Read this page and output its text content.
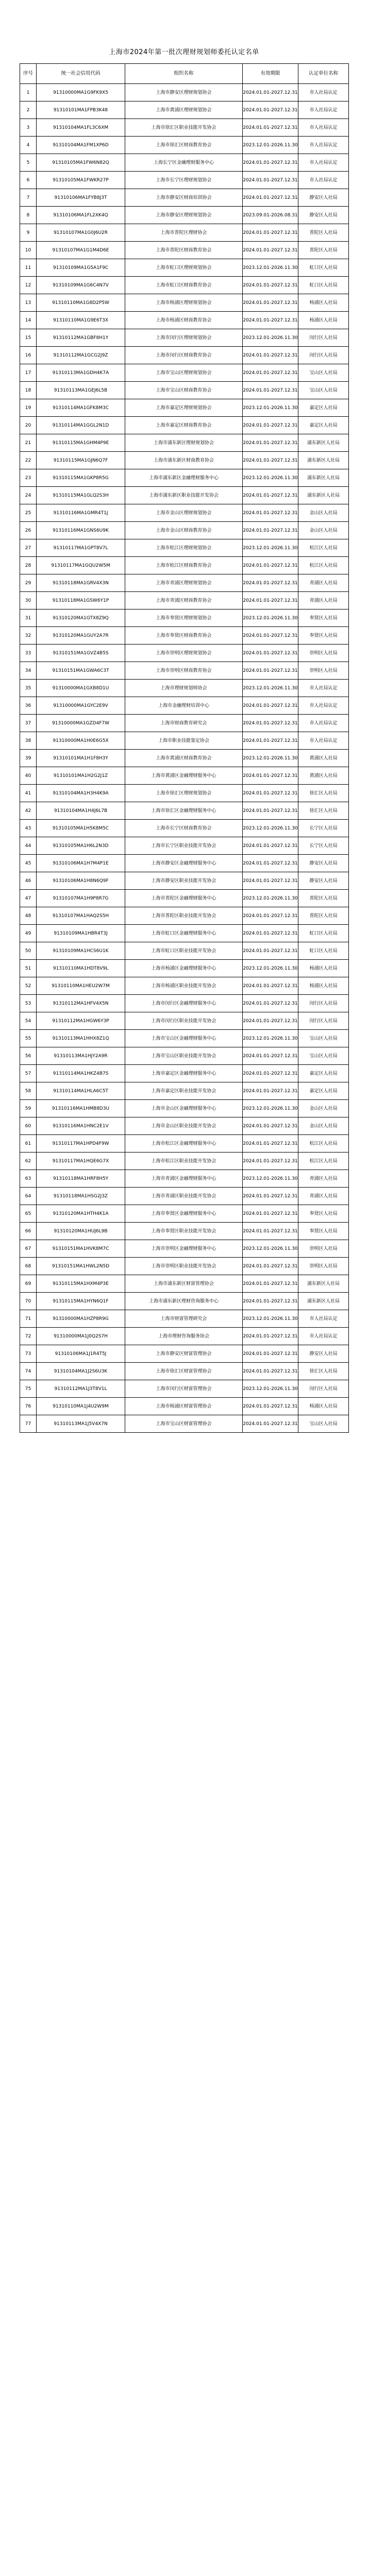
上海市2024年第一批次理财规划师委托认定名单
序号	统一社会信用代码	组织名称	有效期限	认定单位名称
1	91310000MA1G9FK9X5	上海市静安区理财规划协会	2024.01.01-2027.12.31	市人社局认定
2	91310101MA1FPB3K48	上海市黄浦区理财规划协会	2024.01.01-2027.12.31	市人社局认定
3	91310104MA1FL3C6XM	上海市徐汇区职业技能开发协会	2024.01.01-2027.12.31	市人社局认定
4	91310104MA1FM1XP6D	上海市徐汇区财商教育协会	2023.12.01-2026.11.30	市人社局认定
5	91310105MA1FW6N82Q	上海长宁区金融理财服务中心	2024.01.01-2027.12.31	市人社局认定
6	91310105MA1FWKR27P	上海市长宁区理财规划协会	2024.01.01-2027.12.31	市人社局认定
7	91310106MA1FYB8J3T	上海市静安区财商培训协会	2024.01.01-2027.12.31	静安区人社局
8	91310106MA1FL2XK4Q	上海市静安区理财规划协会	2023.09.01-2026.08.31	静安区人社局
9	91310107MA1G0J6U2R	上海市普陀区理财协会	2024.01.01-2027.12.31	普陀区人社局
10	91310107MA1G1M4D6E	上海市普陀区财商教育协会	2024.01.01-2027.12.31	普陀区人社局
11	91310109MA1G5A1F9C	上海市虹口区理财规划协会	2023.12.01-2026.11.30	虹口区人社局
12	91310109MA1G6C4N7V	上海市虹口区财商教育协会	2024.01.01-2027.12.31	虹口区人社局
13	91310110MA1G8D2P5W	上海市杨浦区理财规划协会	2024.01.01-2027.12.31	杨浦区人社局
14	91310110MA1G9E6T3X	上海市杨浦区财商教育协会	2024.01.01-2027.12.31	杨浦区人社局
15	91310112MA1GBF8H1Y	上海市闵行区理财规划协会	2023.12.01-2026.11.30	闵行区人社局
16	91310112MA1GCG2J9Z	上海市闵行区财商教育协会	2024.01.01-2027.12.31	闵行区人社局
17	91310113MA1GDH4K7A	上海市宝山区理财规划协会	2024.01.01-2027.12.31	宝山区人社局
18	91310113MA1GEJ6L5B	上海市宝山区财商教育协会	2024.01.01-2027.12.31	宝山区人社局
19	91310114MA1GFK8M3C	上海市嘉定区理财规划协会	2023.12.01-2026.11.30	嘉定区人社局
20	91310114MA1GGL2N1D	上海市嘉定区财商教育协会	2024.01.01-2027.12.31	嘉定区人社局
21	91310115MA1GHM4P9E	上海市浦东新区理财规划协会	2024.01.01-2027.12.31	浦东新区人社局
22	91310115MA1GJN6Q7F	上海市浦东新区财商教育协会	2024.01.01-2027.12.31	浦东新区人社局
23	91310115MA1GKP8R5G	上海市浦东新区金融理财服务中心	2023.12.01-2026.11.30	浦东新区人社局
24	91310115MA1GLQ2S3H	上海市浦东新区职业技能开发协会	2024.01.01-2027.12.31	浦东新区人社局
25	91310116MA1GMR4T1J	上海市金山区理财规划协会	2024.01.01-2027.12.31	金山区人社局
26	91310116MA1GNS6U9K	上海市金山区财商教育协会	2024.01.01-2027.12.31	金山区人社局
27	91310117MA1GPT8V7L	上海市松江区理财规划协会	2023.12.01-2026.11.30	松江区人社局
28	91310117MA1GQU2W5M	上海市松江区财商教育协会	2024.01.01-2027.12.31	松江区人社局
29	91310118MA1GRV4X3N	上海市青浦区理财规划协会	2024.01.01-2027.12.31	青浦区人社局
30	91310118MA1GSW6Y1P	上海市青浦区财商教育协会	2024.01.01-2027.12.31	青浦区人社局
31	91310120MA1GTX8Z9Q	上海市奉贤区理财规划协会	2023.12.01-2026.11.30	奉贤区人社局
32	91310120MA1GUY2A7R	上海市奉贤区财商教育协会	2024.01.01-2027.12.31	奉贤区人社局
33	91310151MA1GVZ4B5S	上海市崇明区理财规划协会	2024.01.01-2027.12.31	崇明区人社局
34	91310151MA1GWA6C3T	上海市崇明区财商教育协会	2024.01.01-2027.12.31	崇明区人社局
35	91310000MA1GXB8D1U	上海市理财规划师协会	2023.12.01-2026.11.30	市人社局认定
36	91310000MA1GYC2E9V	上海市金融理财培训中心	2024.01.01-2027.12.31	市人社局认定
37	91310000MA1GZD4F7W	上海市财商教育研究会	2024.01.01-2027.12.31	市人社局认定
38	91310000MA1H0E6G5X	上海市职业技能鉴定协会	2024.01.01-2027.12.31	市人社局认定
39	91310101MA1H1F8H3Y	上海市黄浦区财商教育协会	2023.12.01-2026.11.30	黄浦区人社局
40	91310101MA1H2G2J1Z	上海市黄浦区金融理财服务中心	2024.01.01-2027.12.31	黄浦区人社局
41	91310104MA1H3H4K9A	上海市徐汇区理财规划协会	2024.01.01-2027.12.31	徐汇区人社局
42	91310104MA1H4J6L7B	上海市徐汇区金融理财服务中心	2024.01.01-2027.12.31	徐汇区人社局
43	91310105MA1H5K8M5C	上海市长宁区财商教育协会	2023.12.01-2026.11.30	长宁区人社局
44	91310105MA1H6L2N3D	上海市长宁区职业技能开发协会	2024.01.01-2027.12.31	长宁区人社局
45	91310106MA1H7M4P1E	上海市静安区金融理财服务中心	2024.01.01-2027.12.31	静安区人社局
46	91310106MA1H8N6Q9F	上海市静安区职业技能开发协会	2024.01.01-2027.12.31	静安区人社局
47	91310107MA1H9P8R7G	上海市普陀区金融理财服务中心	2023.12.01-2026.11.30	普陀区人社局
48	91310107MA1HAQ2S5H	上海市普陀区职业技能开发协会	2024.01.01-2027.12.31	普陀区人社局
49	91310109MA1HBR4T3J	上海市虹口区金融理财服务中心	2024.01.01-2027.12.31	虹口区人社局
50	91310109MA1HCS6U1K	上海市虹口区职业技能开发协会	2024.01.01-2027.12.31	虹口区人社局
51	91310110MA1HDT8V9L	上海市杨浦区金融理财服务中心	2023.12.01-2026.11.30	杨浦区人社局
52	91310110MA1HEU2W7M	上海市杨浦区职业技能开发协会	2024.01.01-2027.12.31	杨浦区人社局
53	91310112MA1HFV4X5N	上海市闵行区金融理财服务中心	2024.01.01-2027.12.31	闵行区人社局
54	91310112MA1HGW6Y3P	上海市闵行区职业技能开发协会	2024.01.01-2027.12.31	闵行区人社局
55	91310113MA1HHX8Z1Q	上海市宝山区金融理财服务中心	2023.12.01-2026.11.30	宝山区人社局
56	91310113MA1HJY2A9R	上海市宝山区职业技能开发协会	2024.01.01-2027.12.31	宝山区人社局
57	91310114MA1HKZ4B7S	上海市嘉定区金融理财服务中心	2024.01.01-2027.12.31	嘉定区人社局
58	91310114MA1HLA6C5T	上海市嘉定区职业技能开发协会	2024.01.01-2027.12.31	嘉定区人社局
59	91310116MA1HMB8D3U	上海市金山区金融理财服务中心	2023.12.01-2026.11.30	金山区人社局
60	91310116MA1HNC2E1V	上海市金山区职业技能开发协会	2024.01.01-2027.12.31	金山区人社局
61	91310117MA1HPD4F9W	上海市松江区金融理财服务中心	2024.01.01-2027.12.31	松江区人社局
62	91310117MA1HQE6G7X	上海市松江区职业技能开发协会	2024.01.01-2027.12.31	松江区人社局
63	91310118MA1HRF8H5Y	上海市青浦区金融理财服务中心	2023.12.01-2026.11.30	青浦区人社局
64	91310118MA1HSG2J3Z	上海市青浦区职业技能开发协会	2024.01.01-2027.12.31	青浦区人社局
65	91310120MA1HTH4K1A	上海市奉贤区金融理财服务中心	2024.01.01-2027.12.31	奉贤区人社局
66	91310120MA1HUJ6L9B	上海市奉贤区职业技能开发协会	2024.01.01-2027.12.31	奉贤区人社局
67	91310151MA1HVK8M7C	上海市崇明区金融理财服务中心	2023.12.01-2026.11.30	崇明区人社局
68	91310151MA1HWL2N5D	上海市崇明区职业技能开发协会	2024.01.01-2027.12.31	崇明区人社局
69	91310115MA1HXM4P3E	上海市浦东新区财富管理协会	2024.01.01-2027.12.31	浦东新区人社局
70	91310115MA1HYN6Q1F	上海市浦东新区理财咨询服务中心	2024.01.01-2027.12.31	浦东新区人社局
71	91310000MA1HZP8R9G	上海市财富管理研究会	2023.12.01-2026.11.30	市人社局认定
72	91310000MA1J0Q2S7H	上海市理财咨询服务协会	2024.01.01-2027.12.31	市人社局认定
73	91310106MA1J1R4T5J	上海市静安区财富管理协会	2024.01.01-2027.12.31	静安区人社局
74	91310104MA1J2S6U3K	上海市徐汇区财富管理协会	2024.01.01-2027.12.31	徐汇区人社局
75	91310112MA1J3T8V1L	上海市闵行区财富管理协会	2023.12.01-2026.11.30	闵行区人社局
76	91310110MA1J4U2W9M	上海市杨浦区财富管理协会	2024.01.01-2027.12.31	杨浦区人社局
77	91310113MA1J5V4X7N	上海市宝山区财富管理协会	2024.01.01-2027.12.31	宝山区人社局
